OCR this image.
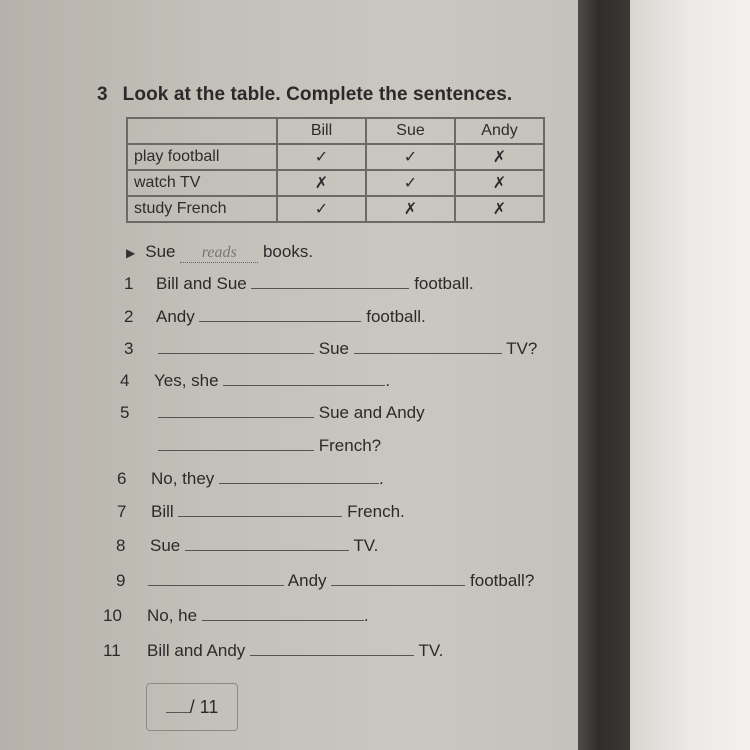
3 Look at the table. Complete the sentences.
	Bill	Sue	Andy
play football	✓	✓	✗
watch TV	✗	✓	✗
study French	✓	✗	✗
▶ Sue reads books.
1 Bill and Sue	football.
2 Andy	football.
3	Sue	TV?
4 Yes, she	.
5	Sue and Andy
French?
6 No, they	.
7 Bill	French.
8 Sue	TV.
9	Andy	football?
10 No, he	.
11 Bill and Andy	TV.
/ 11
